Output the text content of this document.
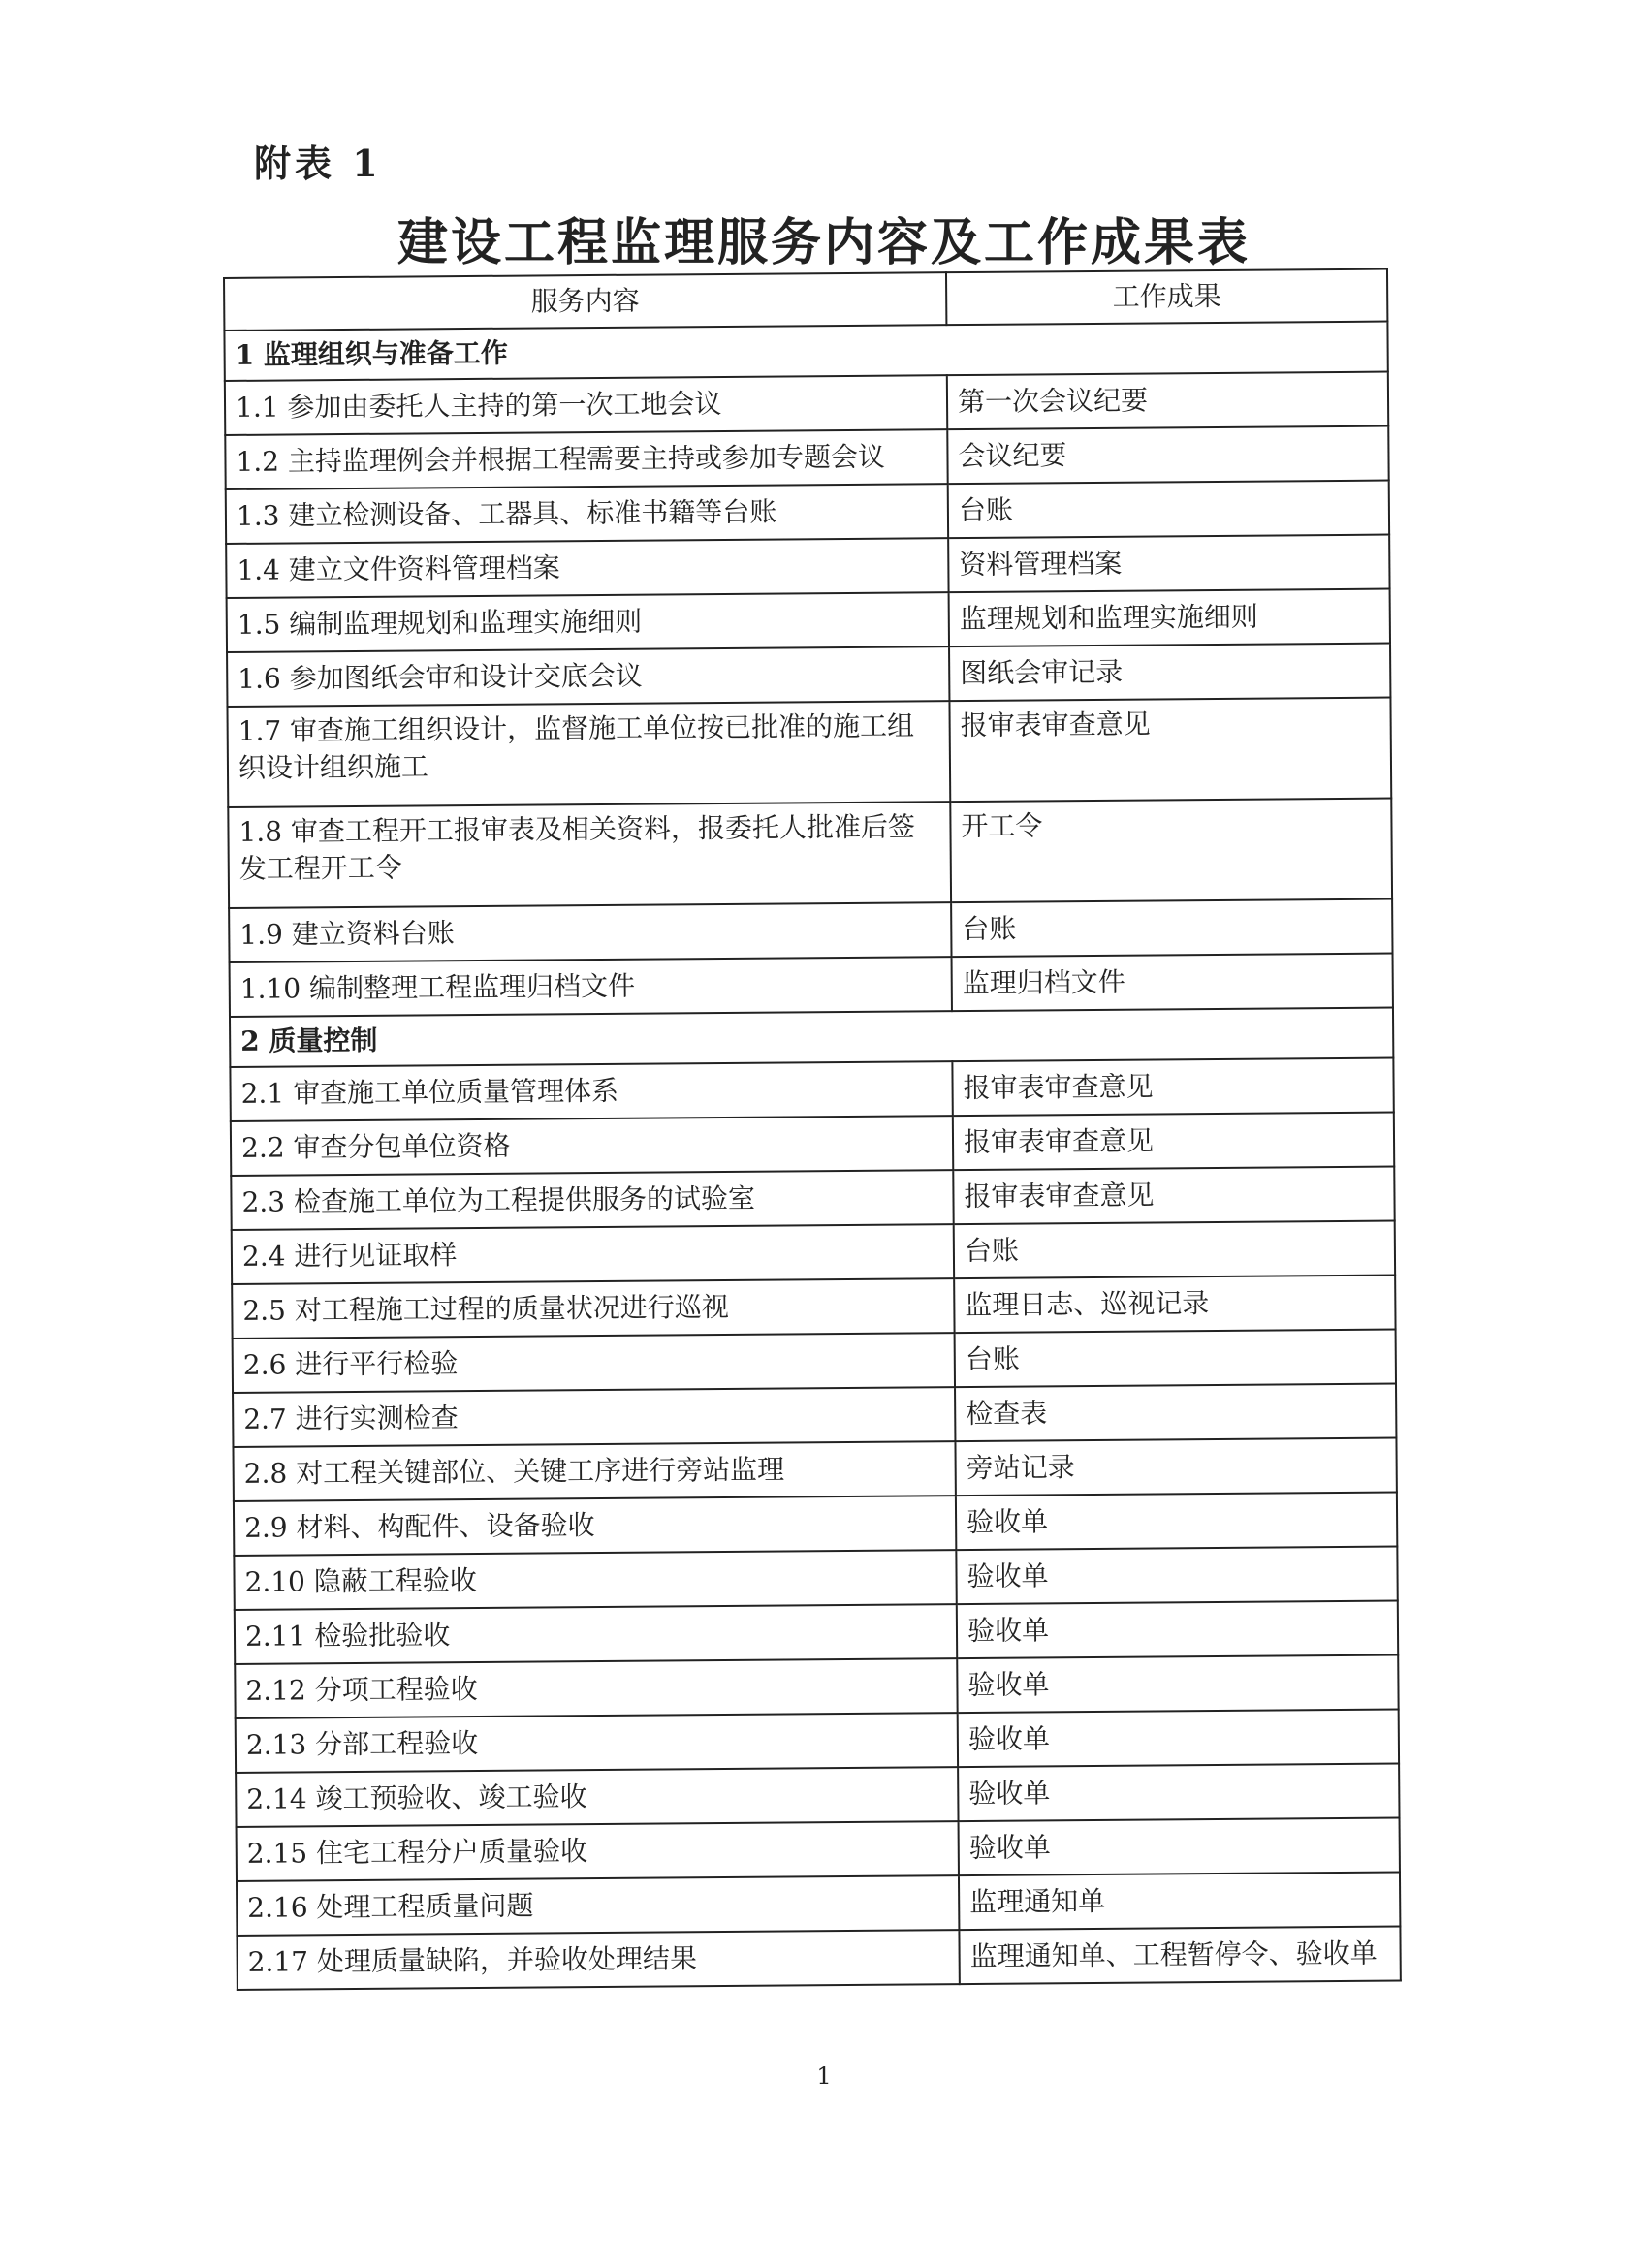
附表 1
建设工程监理服务内容及工作成果表
服务内容	工作成果
1 监理组织与准备工作	
1.1 参加由委托人主持的第一次工地会议	第一次会议纪要
1.2 主持监理例会并根据工程需要主持或参加专题会议	会议纪要
1.3 建立检测设备、工器具、标准书籍等台账	台账
1.4 建立文件资料管理档案	资料管理档案
1.5 编制监理规划和监理实施细则	监理规划和监理实施细则
1.6 参加图纸会审和设计交底会议	图纸会审记录
1.7 审查施工组织设计，监督施工单位按已批准的施工组织设计组织施工	报审表审查意见
1.8 审查工程开工报审表及相关资料，报委托人批准后签发工程开工令	开工令
1.9 建立资料台账	台账
1.10 编制整理工程监理归档文件	监理归档文件
2 质量控制	
2.1 审查施工单位质量管理体系	报审表审查意见
2.2 审查分包单位资格	报审表审查意见
2.3 检查施工单位为工程提供服务的试验室	报审表审查意见
2.4 进行见证取样	台账
2.5 对工程施工过程的质量状况进行巡视	监理日志、巡视记录
2.6 进行平行检验	台账
2.7 进行实测检查	检查表
2.8 对工程关键部位、关键工序进行旁站监理	旁站记录
2.9 材料、构配件、设备验收	验收单
2.10 隐蔽工程验收	验收单
2.11 检验批验收	验收单
2.12 分项工程验收	验收单
2.13 分部工程验收	验收单
2.14 竣工预验收、竣工验收	验收单
2.15 住宅工程分户质量验收	验收单
2.16 处理工程质量问题	监理通知单
2.17 处理质量缺陷，并验收处理结果	监理通知单、工程暂停令、验收单
1
